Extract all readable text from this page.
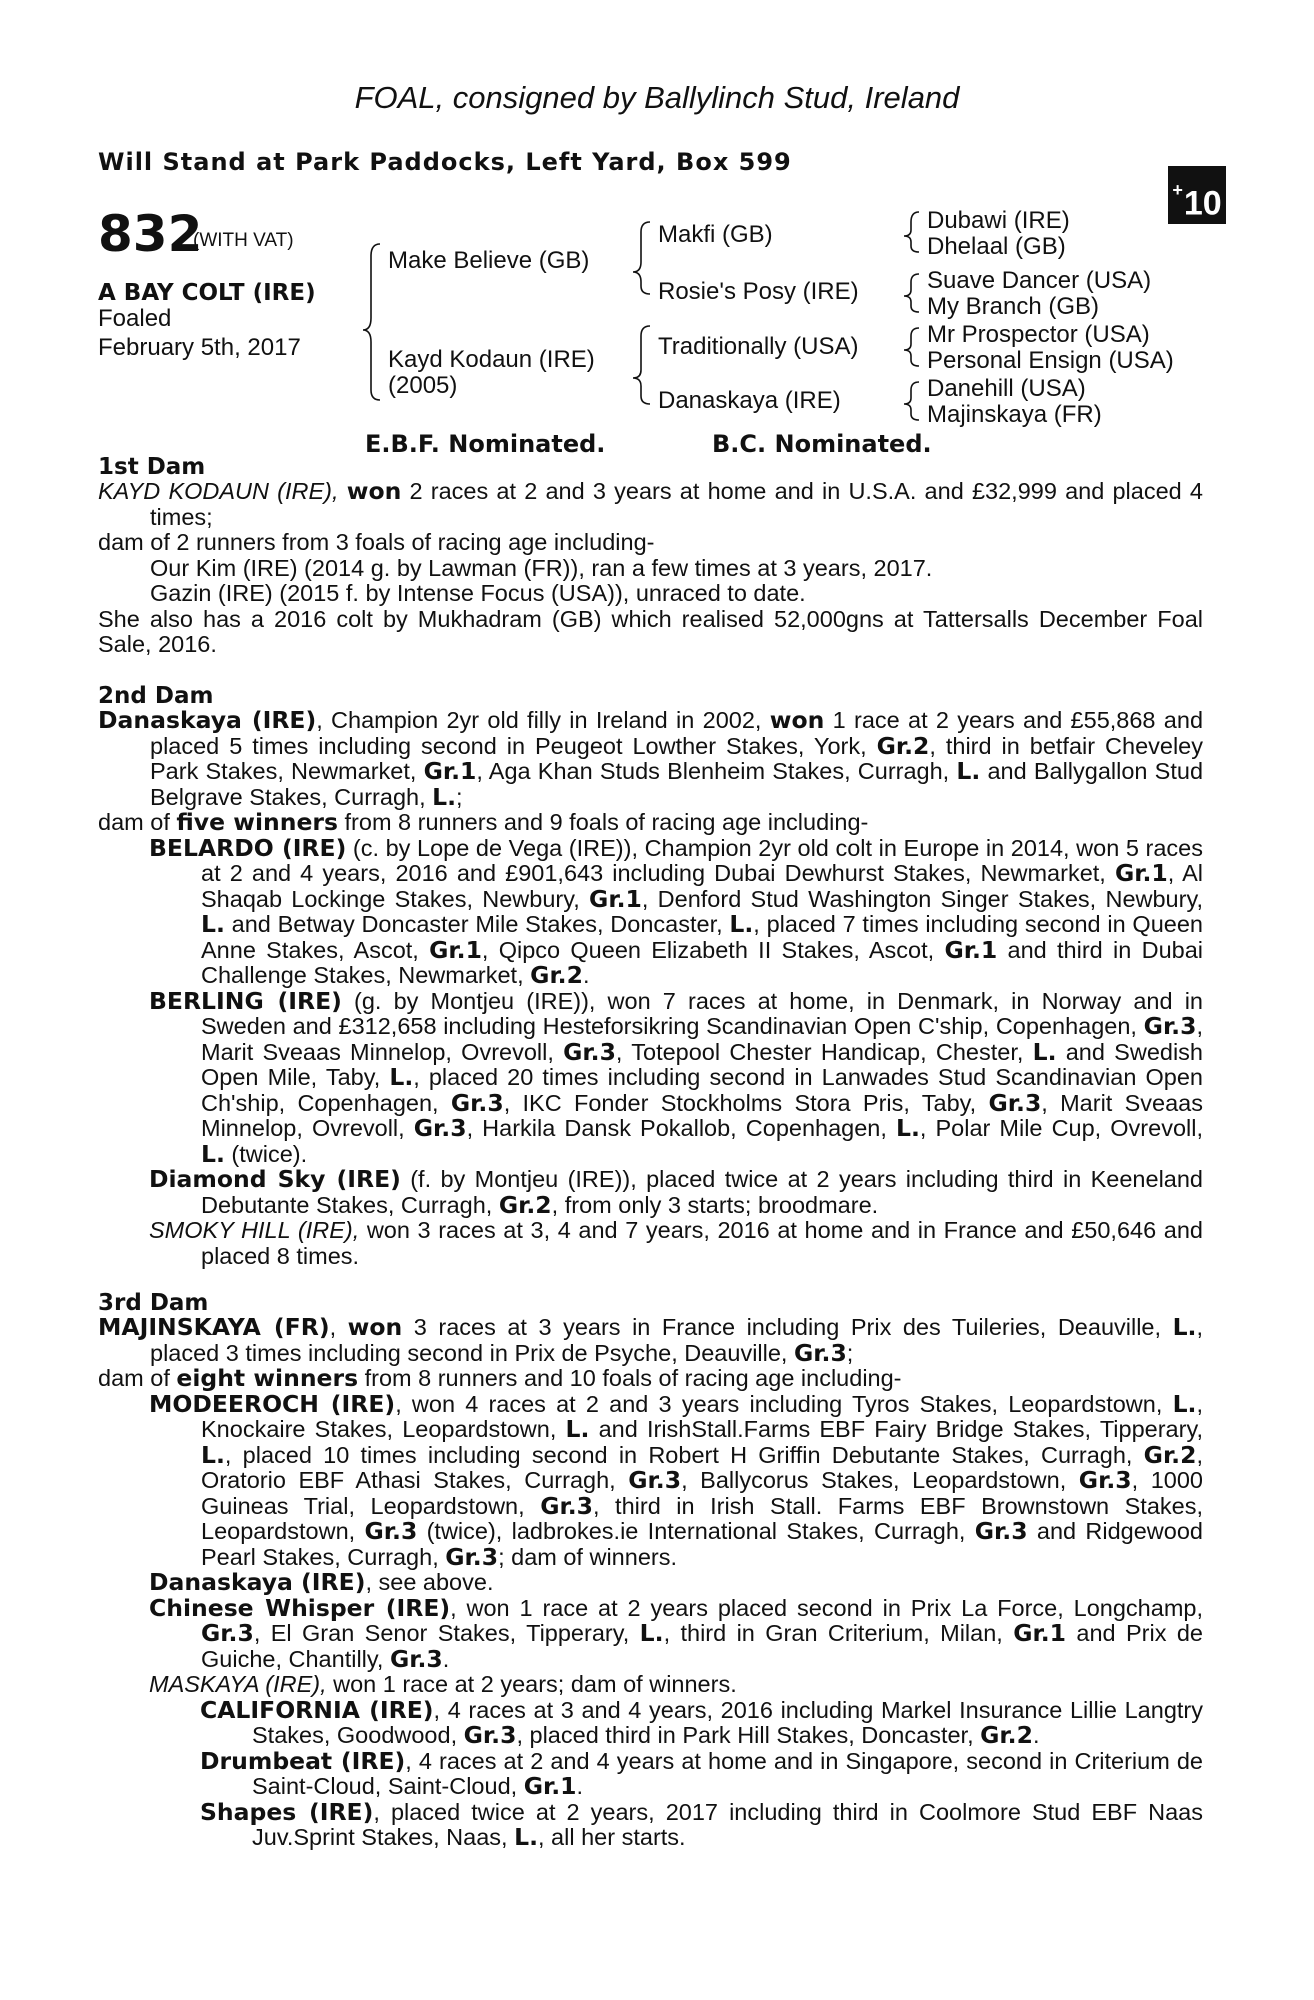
FOAL, consigned by Ballylinch Stud, Ireland
Will Stand at Park Paddocks, Left Yard, Box 599
+10
832
(WITH VAT)
A BAY COLT (IRE)
Foaled
February 5th, 2017
Make Believe (GB)
Kayd Kodaun (IRE)
(2005)
Makfi (GB)
Rosie's Posy (IRE)
Traditionally (USA)
Danaskaya (IRE)
Dubawi (IRE)
Dhelaal (GB)
Suave Dancer (USA)
My Branch (GB)
Mr Prospector (USA)
Personal Ensign (USA)
Danehill (USA)
Majinskaya (FR)
E.B.F. Nominated.	B.C. Nominated.
1st Dam
KAYD KODAUN (IRE), won 2 races at 2 and 3 years at home and in U.S.A. and £32,999 and placed 4 times;
dam of 2 runners from 3 foals of racing age including-
Our Kim (IRE) (2014 g. by Lawman (FR)), ran a few times at 3 years, 2017.
Gazin (IRE) (2015 f. by Intense Focus (USA)), unraced to date.
She also has a 2016 colt by Mukhadram (GB) which realised 52,000gns at Tattersalls December Foal Sale, 2016.
2nd Dam
Danaskaya (IRE), Champion 2yr old filly in Ireland in 2002, won 1 race at 2 years and £55,868 and placed 5 times including second in Peugeot Lowther Stakes, York, Gr.2, third in betfair Cheveley Park Stakes, Newmarket, Gr.1, Aga Khan Studs Blenheim Stakes, Curragh, L. and Ballygallon Stud Belgrave Stakes, Curragh, L.;
dam of five winners from 8 runners and 9 foals of racing age including-
BELARDO (IRE) (c. by Lope de Vega (IRE)), Champion 2yr old colt in Europe in 2014, won 5 races at 2 and 4 years, 2016 and £901,643 including Dubai Dewhurst Stakes, Newmarket, Gr.1, Al Shaqab Lockinge Stakes, Newbury, Gr.1, Denford Stud Washington Singer Stakes, Newbury, L. and Betway Doncaster Mile Stakes, Doncaster, L., placed 7 times including second in Queen Anne Stakes, Ascot, Gr.1, Qipco Queen Elizabeth II Stakes, Ascot, Gr.1 and third in Dubai Challenge Stakes, Newmarket, Gr.2.
BERLING (IRE) (g. by Montjeu (IRE)), won 7 races at home, in Denmark, in Norway and in Sweden and £312,658 including Hesteforsikring Scandinavian Open C'ship, Copenhagen, Gr.3, Marit Sveaas Minnelop, Ovrevoll, Gr.3, Totepool Chester Handicap, Chester, L. and Swedish Open Mile, Taby, L., placed 20 times including second in Lanwades Stud Scandinavian Open Ch'ship, Copenhagen, Gr.3, IKC Fonder Stockholms Stora Pris, Taby, Gr.3, Marit Sveaas Minnelop, Ovrevoll, Gr.3, Harkila Dansk Pokallob, Copenhagen, L., Polar Mile Cup, Ovrevoll, L. (twice).
Diamond Sky (IRE) (f. by Montjeu (IRE)), placed twice at 2 years including third in Keeneland Debutante Stakes, Curragh, Gr.2, from only 3 starts; broodmare.
SMOKY HILL (IRE), won 3 races at 3, 4 and 7 years, 2016 at home and in France and £50,646 and placed 8 times.
3rd Dam
MAJINSKAYA (FR), won 3 races at 3 years in France including Prix des Tuileries, Deauville, L., placed 3 times including second in Prix de Psyche, Deauville, Gr.3;
dam of eight winners from 8 runners and 10 foals of racing age including-
MODEEROCH (IRE), won 4 races at 2 and 3 years including Tyros Stakes, Leopardstown, L., Knockaire Stakes, Leopardstown, L. and IrishStall.Farms EBF Fairy Bridge Stakes, Tipperary, L., placed 10 times including second in Robert H Griffin Debutante Stakes, Curragh, Gr.2, Oratorio EBF Athasi Stakes, Curragh, Gr.3, Ballycorus Stakes, Leopardstown, Gr.3, 1000 Guineas Trial, Leopardstown, Gr.3, third in Irish Stall. Farms EBF Brownstown Stakes, Leopardstown, Gr.3 (twice), ladbrokes.ie International Stakes, Curragh, Gr.3 and Ridgewood Pearl Stakes, Curragh, Gr.3; dam of winners.
Danaskaya (IRE), see above.
Chinese Whisper (IRE), won 1 race at 2 years placed second in Prix La Force, Longchamp, Gr.3, El Gran Senor Stakes, Tipperary, L., third in Gran Criterium, Milan, Gr.1 and Prix de Guiche, Chantilly, Gr.3.
MASKAYA (IRE), won 1 race at 2 years; dam of winners.
CALIFORNIA (IRE), 4 races at 3 and 4 years, 2016 including Markel Insurance Lillie Langtry Stakes, Goodwood, Gr.3, placed third in Park Hill Stakes, Doncaster, Gr.2.
Drumbeat (IRE), 4 races at 2 and 4 years at home and in Singapore, second in Criterium de Saint-Cloud, Saint-Cloud, Gr.1.
Shapes (IRE), placed twice at 2 years, 2017 including third in Coolmore Stud EBF Naas Juv.Sprint Stakes, Naas, L., all her starts.
